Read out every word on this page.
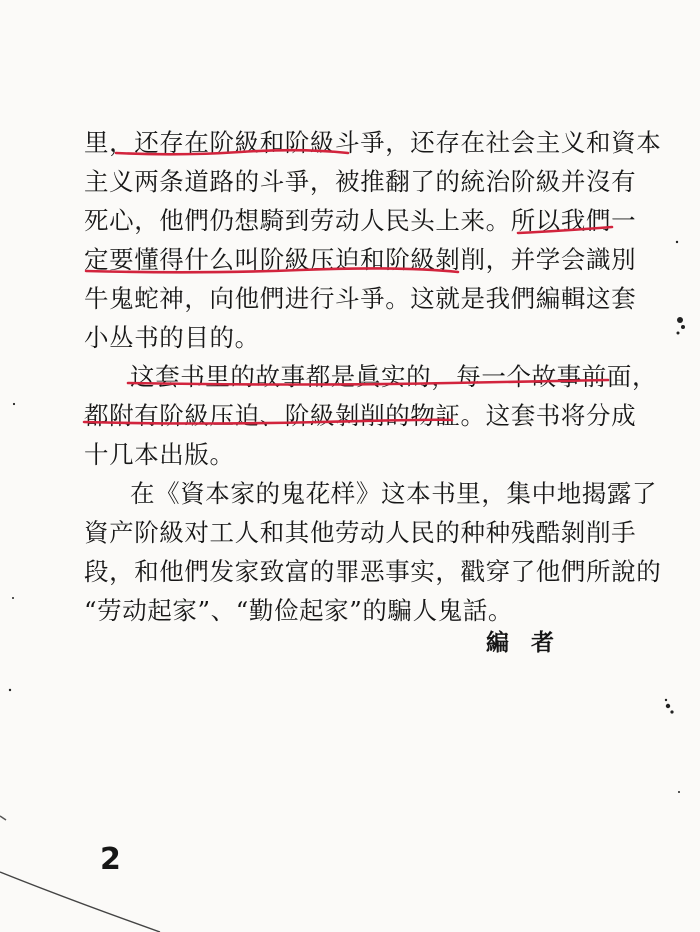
里，还存在阶級和阶級斗爭，还存在社会主义和資本
主义两条道路的斗爭，被推翻了的統治阶級并沒有
死心，他們仍想騎到劳动人民头上来。所以我們一
定要懂得什么叫阶級压迫和阶級剝削，并学会識別
牛鬼蛇神，向他們进行斗爭。这就是我們編輯这套
小丛书的目的。
这套书里的故事都是眞实的，每一个故事前面，
都附有阶級压迫、阶級剝削的物証。这套书将分成
十几本出版。
在《資本家的鬼花样》这本书里，集中地揭露了
資产阶級对工人和其他劳动人民的种种残酷剝削手
段，和他們发家致富的罪恶事实，戳穿了他們所說的
“劳动起家”、“勤俭起家”的騙人鬼話。
編者
2
